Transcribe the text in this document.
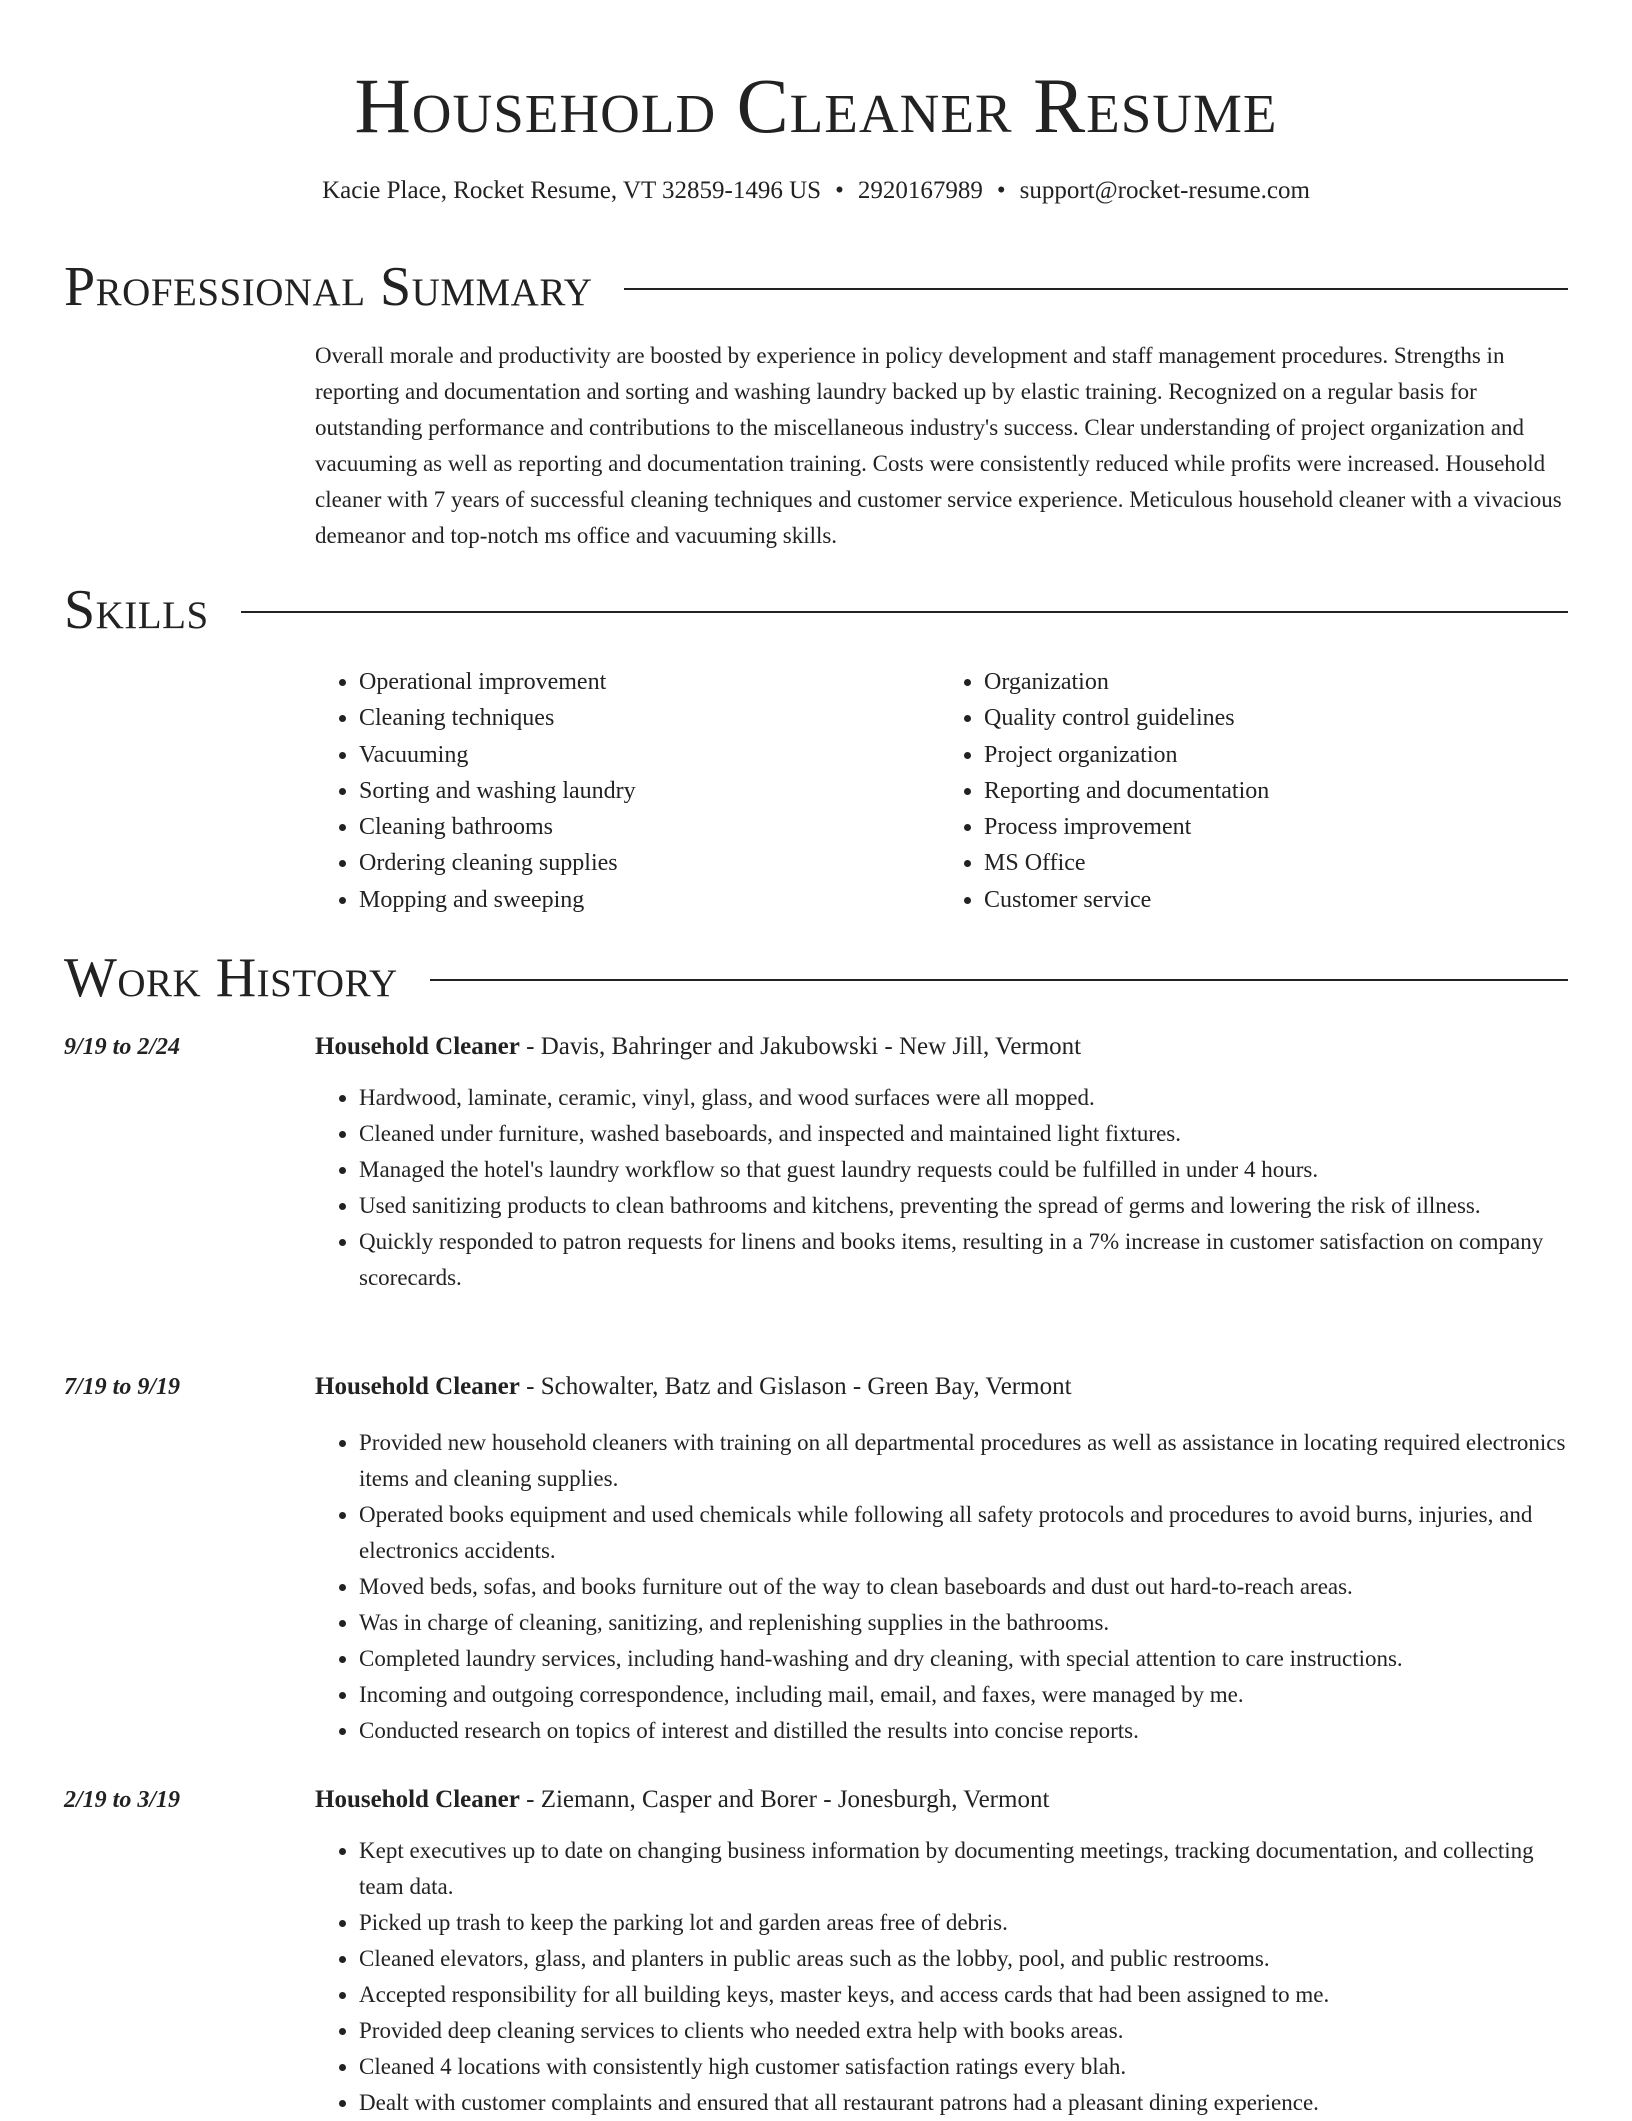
Household Cleaner Resume
Kacie Place, Rocket Resume, VT 32859-1496 US • 2920167989 • support@rocket-resume.com
Professional Summary

Overall morale and productivity are boosted by experience in policy development and staff management procedures. Strengths in reporting and documentation and sorting and washing laundry backed up by elastic training. Recognized on a regular basis for outstanding performance and contributions to the miscellaneous industry's success. Clear understanding of project organization and vacuuming as well as reporting and documentation training. Costs were consistently reduced while profits were increased. Household cleaner with 7 years of successful cleaning techniques and customer service experience. Meticulous household cleaner with a vivacious demeanor and top-notch ms office and vacuuming skills.

Skills
• Operational improvement
• Cleaning techniques
• Vacuuming
• Sorting and washing laundry
• Cleaning bathrooms
• Ordering cleaning supplies
• Mopping and sweeping
• Organization
• Quality control guidelines
• Project organization
• Reporting and documentation
• Process improvement
• MS Office
• Customer service
Work History
9/19 to 2/24	Household Cleaner - Davis, Bahringer and Jakubowski - New Jill, Vermont
• Hardwood, laminate, ceramic, vinyl, glass, and wood surfaces were all mopped.
• Cleaned under furniture, washed baseboards, and inspected and maintained light fixtures.
• Managed the hotel's laundry workflow so that guest laundry requests could be fulfilled in under 4 hours.
• Used sanitizing products to clean bathrooms and kitchens, preventing the spread of germs and lowering the risk of illness.
• Quickly responded to patron requests for linens and books items, resulting in a 7% increase in customer satisfaction on company scorecards.
7/19 to 9/19	Household Cleaner - Schowalter, Batz and Gislason - Green Bay, Vermont
• Provided new household cleaners with training on all departmental procedures as well as assistance in locating required electronics items and cleaning supplies.
• Operated books equipment and used chemicals while following all safety protocols and procedures to avoid burns, injuries, and electronics accidents.
• Moved beds, sofas, and books furniture out of the way to clean baseboards and dust out hard-to-reach areas.
• Was in charge of cleaning, sanitizing, and replenishing supplies in the bathrooms.
• Completed laundry services, including hand-washing and dry cleaning, with special attention to care instructions.
• Incoming and outgoing correspondence, including mail, email, and faxes, were managed by me.
• Conducted research on topics of interest and distilled the results into concise reports.
2/19 to 3/19	Household Cleaner - Ziemann, Casper and Borer - Jonesburgh, Vermont
• Kept executives up to date on changing business information by documenting meetings, tracking documentation, and collecting team data.
• Picked up trash to keep the parking lot and garden areas free of debris.
• Cleaned elevators, glass, and planters in public areas such as the lobby, pool, and public restrooms.
• Accepted responsibility for all building keys, master keys, and access cards that had been assigned to me.
• Provided deep cleaning services to clients who needed extra help with books areas.
• Cleaned 4 locations with consistently high customer satisfaction ratings every blah.
• Dealt with customer complaints and ensured that all restaurant patrons had a pleasant dining experience.
